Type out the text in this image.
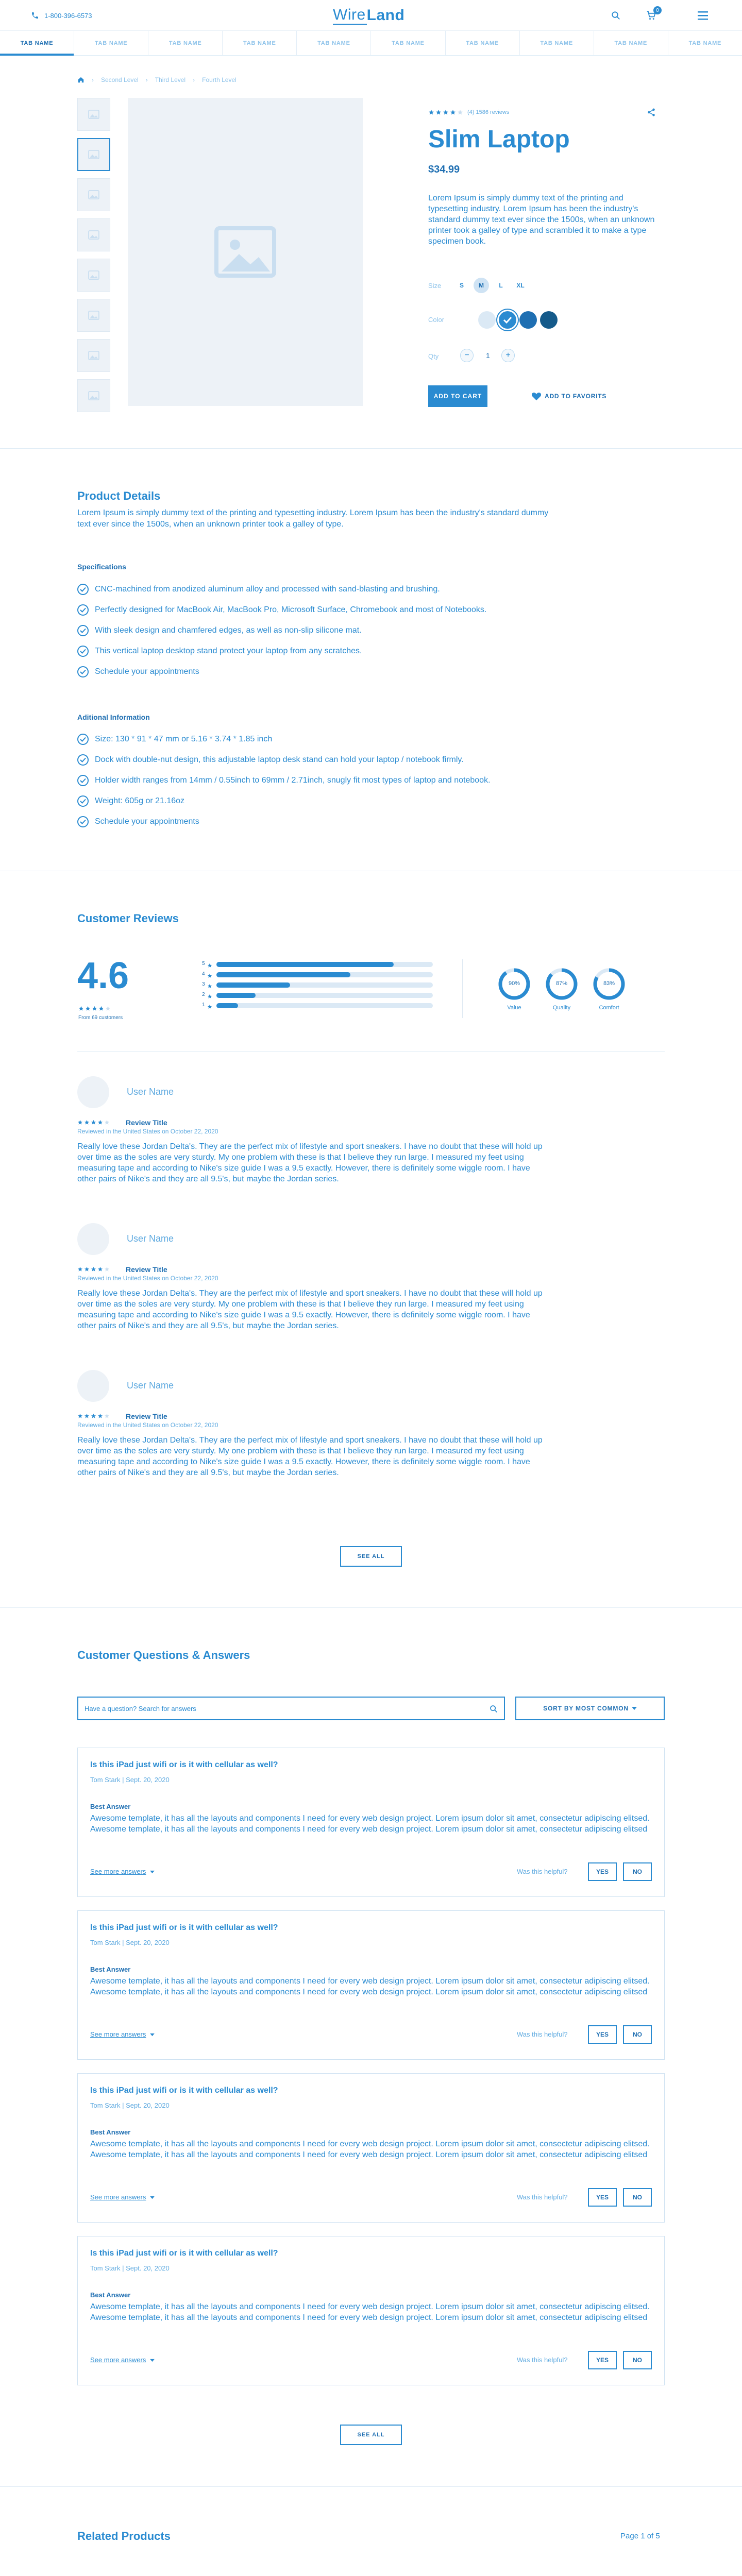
1-800-396-6573	Wire Land	0
TAB NAME	TAB NAME	TAB NAME	TAB NAME	TAB NAME	TAB NAME	TAB NAME	TAB NAME	TAB NAME	TAB NAME
› Second Level › Third Level › Fourth Level
(4) 1586 reviews
Slim Laptop
$34.99
Lorem Ipsum is simply dummy text of the printing and typesetting industry. Lorem Ipsum has been the industry's standard dummy text ever since the 1500s, when an unknown printer took a galley of type and scrambled it to make a type specimen book.
Size	S	M	L	XL
Color
Qty	−	1	+
ADD TO CART	ADD TO FAVORITS
Product Details
Lorem Ipsum is simply dummy text of the printing and typesetting industry. Lorem Ipsum has been the industry's standard dummy text ever since the 1500s, when an unknown printer took a galley of type.
Specifications
CNC-machined from anodized aluminum alloy and processed with sand-blasting and brushing.
Perfectly designed for MacBook Air, MacBook Pro, Microsoft Surface, Chromebook and most of Notebooks.
With sleek design and chamfered edges, as well as non-slip silicone mat.
This vertical laptop desktop stand protect your laptop from any scratches.
Schedule your appointments
Aditional Information
Size: 130 * 91 * 47 mm or 5.16 * 3.74 * 1.85 inch
Dock with double-nut design, this adjustable laptop desk stand can hold your laptop / notebook firmly.
Holder width ranges from 14mm / 0.55inch to 69mm / 2.71inch, snugly fit most types of laptop and notebook.
Weight: 605g or 21.16oz
Schedule your appointments
Customer Reviews
4.6
From 69 customers
5
4
3
2
1
90%
Value
87%
Quality
83%
Comfort
User Name
Review Title
Reviewed in the United States on October 22, 2020
Really love these Jordan Delta's. They are the perfect mix of lifestyle and sport sneakers. I have no doubt that these will hold up over time as the soles are very sturdy. My one problem with these is that I believe they run large. I measured my feet using measuring tape and according to Nike's size guide I was a 9.5 exactly. However, there is definitely some wiggle room. I have other pairs of Nike's and they are all 9.5's, but maybe the Jordan series.
User Name
Review Title
Reviewed in the United States on October 22, 2020
Really love these Jordan Delta's. They are the perfect mix of lifestyle and sport sneakers. I have no doubt that these will hold up over time as the soles are very sturdy. My one problem with these is that I believe they run large. I measured my feet using measuring tape and according to Nike's size guide I was a 9.5 exactly. However, there is definitely some wiggle room. I have other pairs of Nike's and they are all 9.5's, but maybe the Jordan series.
User Name
Review Title
Reviewed in the United States on October 22, 2020
Really love these Jordan Delta's. They are the perfect mix of lifestyle and sport sneakers. I have no doubt that these will hold up over time as the soles are very sturdy. My one problem with these is that I believe they run large. I measured my feet using measuring tape and according to Nike's size guide I was a 9.5 exactly. However, there is definitely some wiggle room. I have other pairs of Nike's and they are all 9.5's, but maybe the Jordan series.
SEE ALL
Customer Questions & Answers
Have a question? Search for answers	SORT BY MOST COMMON
Is this iPad just wifi or is it with cellular as well?
Tom Stark | Sept. 20, 2020
Best Answer
Awesome template, it has all the layouts and components I need for every web design project. Lorem ipsum dolor sit amet, consectetur adipiscing elitsed. Awesome template, it has all the layouts and components I need for every web design project. Lorem ipsum dolor sit amet, consectetur adipiscing elitsed
See more answers	Was this helpful?	YES	NO
Is this iPad just wifi or is it with cellular as well?
Tom Stark | Sept. 20, 2020
Best Answer
Awesome template, it has all the layouts and components I need for every web design project. Lorem ipsum dolor sit amet, consectetur adipiscing elitsed. Awesome template, it has all the layouts and components I need for every web design project. Lorem ipsum dolor sit amet, consectetur adipiscing elitsed
See more answers	Was this helpful?	YES	NO
Is this iPad just wifi or is it with cellular as well?
Tom Stark | Sept. 20, 2020
Best Answer
Awesome template, it has all the layouts and components I need for every web design project. Lorem ipsum dolor sit amet, consectetur adipiscing elitsed. Awesome template, it has all the layouts and components I need for every web design project. Lorem ipsum dolor sit amet, consectetur adipiscing elitsed
See more answers	Was this helpful?	YES	NO
Is this iPad just wifi or is it with cellular as well?
Tom Stark | Sept. 20, 2020
Best Answer
Awesome template, it has all the layouts and components I need for every web design project. Lorem ipsum dolor sit amet, consectetur adipiscing elitsed. Awesome template, it has all the layouts and components I need for every web design project. Lorem ipsum dolor sit amet, consectetur adipiscing elitsed
See more answers	Was this helpful?	YES	NO
SEE ALL
Related Products	Page 1 of 5
